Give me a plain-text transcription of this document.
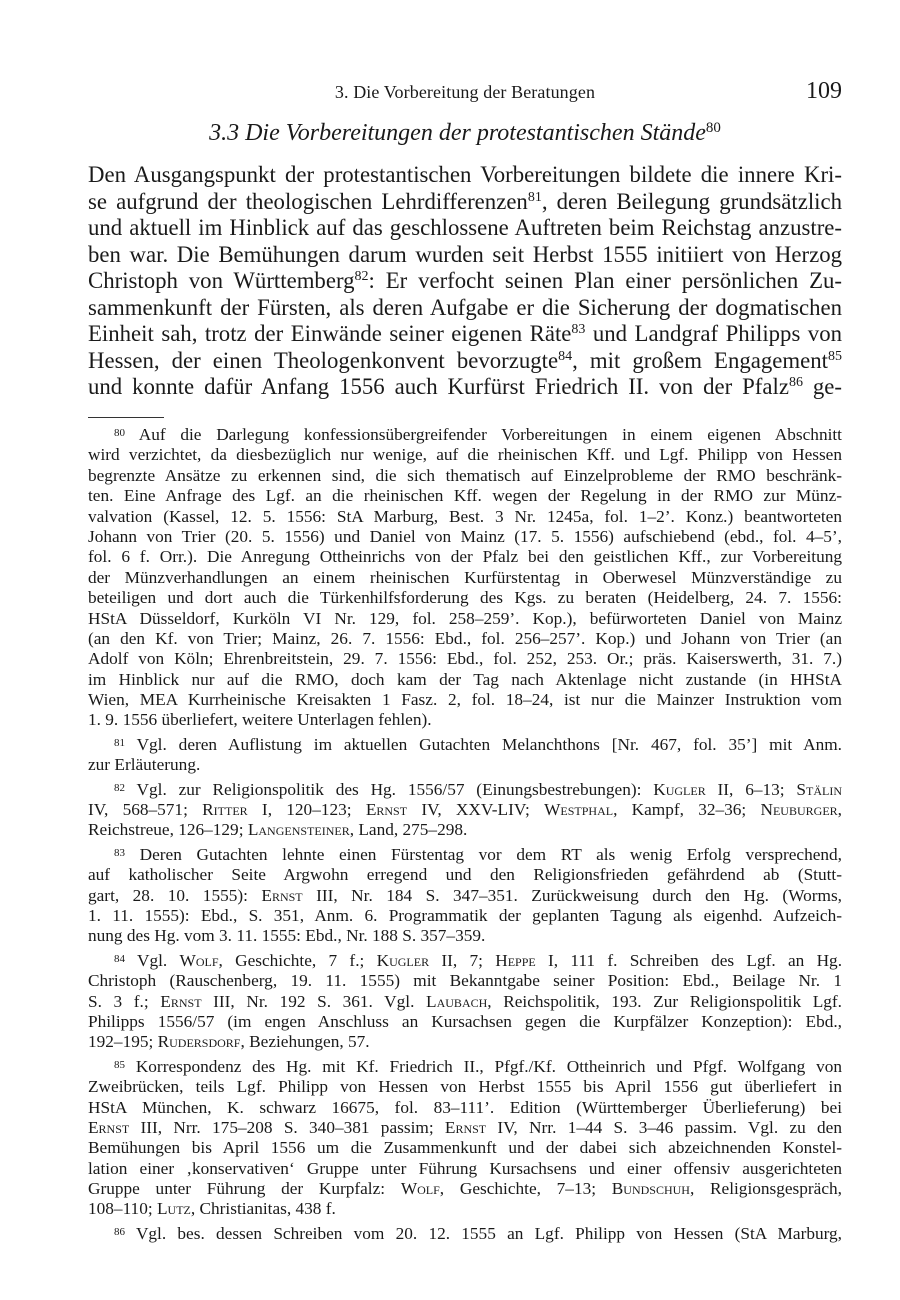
3. Die Vorbereitung der Beratungen	109
3.3 Die Vorbereitungen der protestantischen Stände$^{80}$
Den Ausgangspunkt der protestantischen Vorbereitungen bildete die innere Kri-
se aufgrund der theologischen Lehrdifferenzen$^{81}$, deren Beilegung grundsätzlich
und aktuell im Hinblick auf das geschlossene Auftreten beim Reichstag anzustre-
ben war. Die Bemühungen darum wurden seit Herbst 1555 initiiert von Herzog
Christoph von Württemberg$^{82}$: Er verfocht seinen Plan einer persönlichen Zu-
sammenkunft der Fürsten, als deren Aufgabe er die Sicherung der dogmatischen
Einheit sah, trotz der Einwände seiner eigenen Räte$^{83}$ und Landgraf Philipps von
Hessen, der einen Theologenkonvent bevorzugte$^{84}$, mit großem Engagement$^{85}$
und konnte dafür Anfang 1556 auch Kurfürst Friedrich II. von der Pfalz$^{86}$ ge-
$^{80}$ Auf die Darlegung konfessionsübergreifender Vorbereitungen in einem eigenen Abschnitt
wird verzichtet, da diesbezüglich nur wenige, auf die rheinischen Kff. und Lgf. Philipp von Hessen
begrenzte Ansätze zu erkennen sind, die sich thematisch auf Einzelprobleme der RMO beschränk-
ten. Eine Anfrage des Lgf. an die rheinischen Kff. wegen der Regelung in der RMO zur Münz-
valvation (Kassel, 12. 5. 1556: StA Marburg, Best. 3 Nr. 1245a, fol. 1–2’. Konz.) beantworteten
Johann von Trier (20. 5. 1556) und Daniel von Mainz (17. 5. 1556) aufschiebend (ebd., fol. 4–5’,
fol. 6 f. Orr.). Die Anregung Ottheinrichs von der Pfalz bei den geistlichen Kff., zur Vorbereitung
der Münzverhandlungen an einem rheinischen Kurfürstentag in Oberwesel Münzverständige zu
beteiligen und dort auch die Türkenhilfsforderung des Kgs. zu beraten (Heidelberg, 24. 7. 1556:
HStA Düsseldorf, Kurköln VI Nr. 129, fol. 258–259’. Kop.), befürworteten Daniel von Mainz
(an den Kf. von Trier; Mainz, 26. 7. 1556: Ebd., fol. 256–257’. Kop.) und Johann von Trier (an
Adolf von Köln; Ehrenbreitstein, 29. 7. 1556: Ebd., fol. 252, 253. Or.; präs. Kaiserswerth, 31. 7.)
im Hinblick nur auf die RMO, doch kam der Tag nach Aktenlage nicht zustande (in HHStA
Wien, MEA Kurrheinische Kreisakten 1 Fasz. 2, fol. 18–24, ist nur die Mainzer Instruktion vom
1. 9. 1556 überliefert, weitere Unterlagen fehlen).
$^{81}$ Vgl. deren Auflistung im aktuellen Gutachten Melanchthons [Nr. 467, fol. 35’] mit Anm.
zur Erläuterung.
$^{82}$ Vgl. zur Religionspolitik des Hg. 1556/57 (Einungsbestrebungen): Kugler II, 6–13; Stälin
IV, 568–571; Ritter I, 120–123; Ernst IV, XXV-LIV; Westphal, Kampf, 32–36; Neuburger,
Reichstreue, 126–129; Langensteiner, Land, 275–298.
$^{83}$ Deren Gutachten lehnte einen Fürstentag vor dem RT als wenig Erfolg versprechend,
auf katholischer Seite Argwohn erregend und den Religionsfrieden gefährdend ab (Stutt-
gart, 28. 10. 1555): Ernst III, Nr. 184 S. 347–351. Zurückweisung durch den Hg. (Worms,
1. 11. 1555): Ebd., S. 351, Anm. 6. Programmatik der geplanten Tagung als eigenhd. Aufzeich-
nung des Hg. vom 3. 11. 1555: Ebd., Nr. 188 S. 357–359.
$^{84}$ Vgl. Wolf, Geschichte, 7 f.; Kugler II, 7; Heppe I, 111 f. Schreiben des Lgf. an Hg.
Christoph (Rauschenberg, 19. 11. 1555) mit Bekanntgabe seiner Position: Ebd., Beilage Nr. 1
S. 3 f.; Ernst III, Nr. 192 S. 361. Vgl. Laubach, Reichspolitik, 193. Zur Religionspolitik Lgf.
Philipps 1556/57 (im engen Anschluss an Kursachsen gegen die Kurpfälzer Konzeption): Ebd.,
192–195; Rudersdorf, Beziehungen, 57.
$^{85}$ Korrespondenz des Hg. mit Kf. Friedrich II., Pfgf./Kf. Ottheinrich und Pfgf. Wolfgang von
Zweibrücken, teils Lgf. Philipp von Hessen von Herbst 1555 bis April 1556 gut überliefert in
HStA München, K. schwarz 16675, fol. 83–111’. Edition (Württemberger Überlieferung) bei
Ernst III, Nrr. 175–208 S. 340–381 passim; Ernst IV, Nrr. 1–44 S. 3–46 passim. Vgl. zu den
Bemühungen bis April 1556 um die Zusammenkunft und der dabei sich abzeichnenden Konstel-
lation einer ‚konservativen‘ Gruppe unter Führung Kursachsens und einer offensiv ausgerichteten
Gruppe unter Führung der Kurpfalz: Wolf, Geschichte, 7–13; Bundschuh, Religionsgespräch,
108–110; Lutz, Christianitas, 438 f.
$^{86}$ Vgl. bes. dessen Schreiben vom 20. 12. 1555 an Lgf. Philipp von Hessen (StA Marburg,
